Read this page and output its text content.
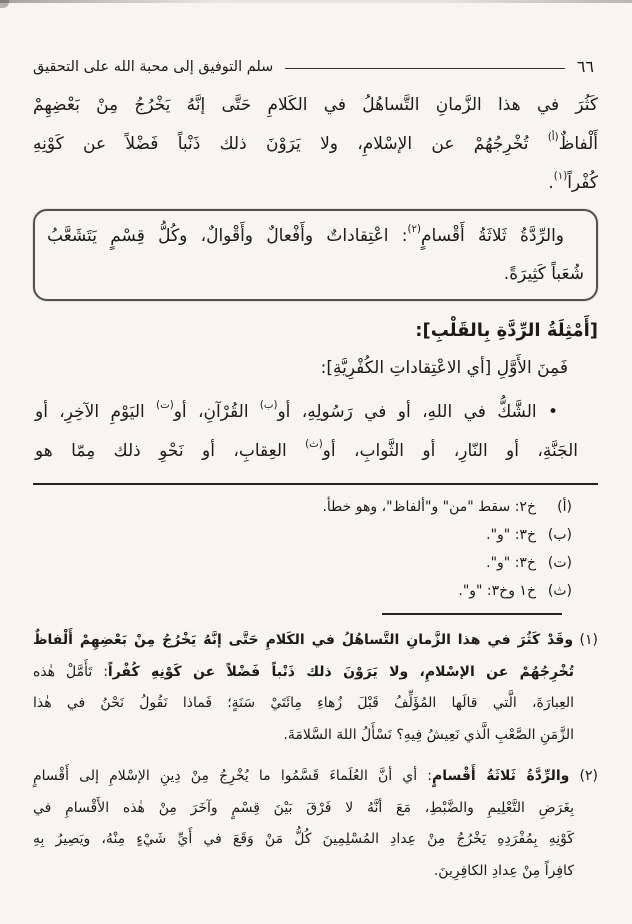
سلم التوفيق إلى محبة الله على التحقيق	٦٦
كَثُرَ في هذا الزَّمانِ التَّساهُلُ في الكَلامِ حَتَّى إنَّهُ يَخْرُجُ مِنْ بَعْضِهِمْ
أَلْفاظٌ$^{(أ)}$ تُخْرِجُهُمْ عن الإسْلامِ، ولا يَرَوْنَ ذلك ذَنْباً فَضْلاً عن كَوْنِهِ
كُفْراً$^{(١)}$.
والرِّدَّةُ ثَلاثَةُ أَقْسامٍ$^{(٢)}$: اعْتِقاداتٌ وأَفْعالٌ وأَقْوالٌ، وكُلُّ قِسْمٍ يَتَشَعَّبُ
شُعَباً كَثِيرَةً.
[أَمْثِلَةُ الرِّدَّةِ بِالقَلْبِ]:
فَمِنَ الأَوَّلِ [أي الاعْتِقاداتِ الكُفْرِيَّةِ]:
• الشَّكُّ في اللهِ، أو في رَسُولِهِ، أو$^{(ب)}$ القُرْآنِ، أو$^{(ت)}$ اليَوْمِ الآخِرِ، أو
الجَنَّةِ، أو النّارِ، أو الثَّوابِ، أو$^{(ث)}$ العِقابِ، أو نَحْوِ ذلك مِمّا هو
(أ)خ٢: سقط "من" و"ألفاظ"، وهو خطأ.
(ب)خ٣: "و".
(ت)خ٣: "و".
(ث)خ١ وخ٣: "و".
(١) وقَدْ كَثُرَ في هذا الزَّمانِ التَّساهُلُ في الكَلامِ حَتَّى إنَّهُ يَخْرُجُ مِنْ بَعْضِهِمْ أَلْفاظٌ
تُخْرِجُهُمْ عن الإسْلامِ، ولا يَرَوْنَ ذلك ذَنْباً فَضْلاً عن كَوْنِهِ كُفْراً: تَأَمَّلْ هٰذه
العِبارَةَ، الَّتي قالَها المُؤَلِّفُ قَبْلَ زُهاءِ مِائَتَيْ سَنَةٍ؛ فَماذا نَقُولُ نَحْنُ في هٰذا
الزَّمَنِ الصَّعْبِ الَّذي نَعِيشُ فِيهِ؟ نَسْأَلُ اللهَ السَّلامَةَ.
(٢) والرِّدَّةُ ثَلاثَةُ أَقْسامٍ: أي أنَّ العُلَماءَ قَسَّمُوا ما يُخْرِجُ مِنْ دِينِ الإسْلامِ إلى أَقْسامٍ
بِغَرَضِ التَّعْلِيمِ والضَّبْطِ، مَعَ أنَّهُ لا فَرْقَ بَيْنَ قِسْمٍ وآخَرَ مِنْ هٰذه الأَقْسامِ في
كَوْنِهِ بِمُفْرَدِهِ يَخْرُجُ مِنْ عِدادِ المُسْلِمِينَ كُلُّ مَنْ وَقَعَ في أَيِّ شَيْءٍ مِنْهُ، ويَصِيرُ بِهِ
كافِراً مِنْ عِدادِ الكافِرِينَ.
